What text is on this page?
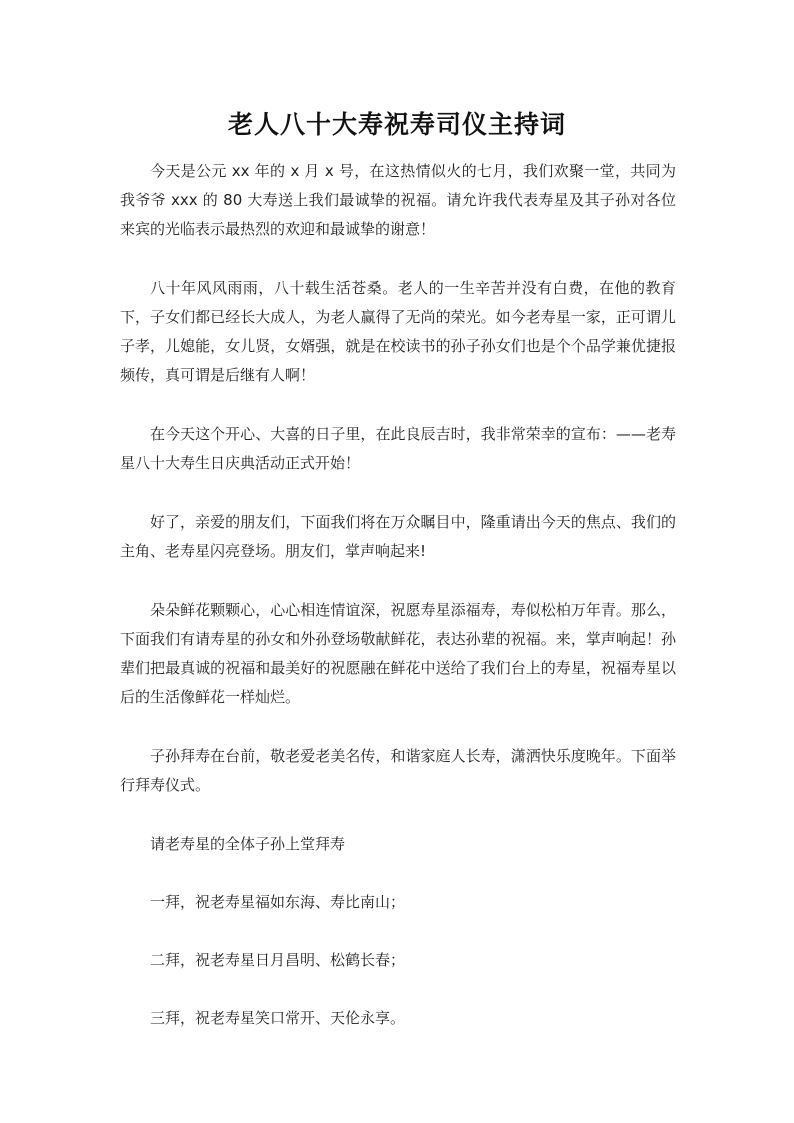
老人八十大寿祝寿司仪主持词

今天是公元 xx 年的 x 月 x 号，在这热情似火的七月，我们欢聚一堂，共同为我爷爷 xxx 的 80 大寿送上我们最诚挚的祝福。请允许我代表寿星及其子孙对各位来宾的光临表示最热烈的欢迎和最诚挚的谢意！

八十年风风雨雨，八十载生活苍桑。老人的一生辛苦并没有白费，在他的教育下，子女们都已经长大成人，为老人赢得了无尚的荣光。如今老寿星一家，正可谓儿子孝，儿媳能，女儿贤，女婿强，就是在校读书的孙子孙女们也是个个品学兼优捷报频传，真可谓是后继有人啊！

在今天这个开心、大喜的日子里，在此良辰吉时，我非常荣幸的宣布：——老寿星八十大寿生日庆典活动正式开始！

好了，亲爱的朋友们，下面我们将在万众瞩目中，隆重请出今天的焦点、我们的主角、老寿星闪亮登场。朋友们，掌声响起来!

朵朵鲜花颗颗心，心心相连情谊深，祝愿寿星添福寿，寿似松柏万年青。那么，下面我们有请寿星的孙女和外孙登场敬献鲜花，表达孙辈的祝福。来，掌声响起！孙辈们把最真诚的祝福和最美好的祝愿融在鲜花中送给了我们台上的寿星，祝福寿星以后的生活像鲜花一样灿烂。

子孙拜寿在台前，敬老爱老美名传，和谐家庭人长寿，潇洒快乐度晚年。下面举行拜寿仪式。

请老寿星的全体子孙上堂拜寿

一拜，祝老寿星福如东海、寿比南山；

二拜，祝老寿星日月昌明、松鹤长春；

三拜，祝老寿星笑口常开、天伦永享。
